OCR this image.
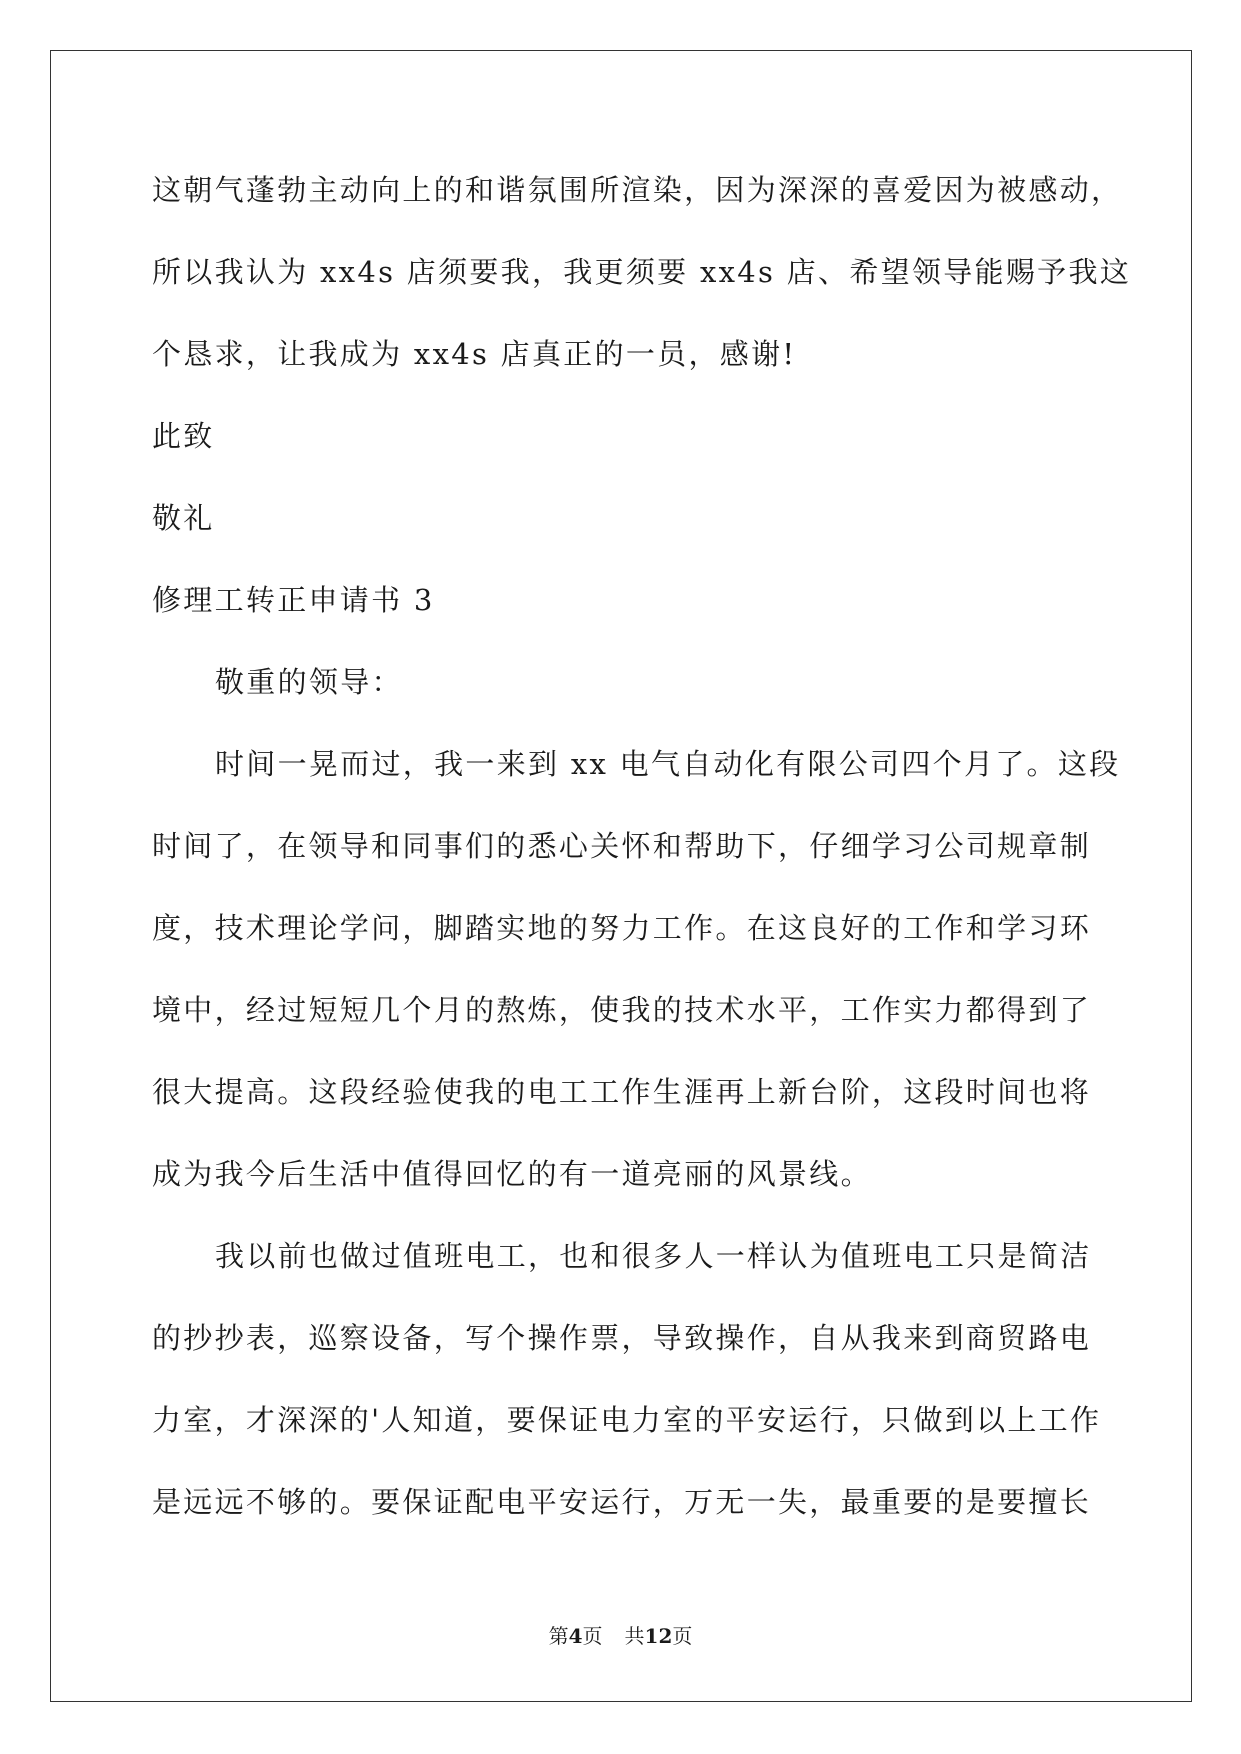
这朝气蓬勃主动向上的和谐氛围所渲染，因为深深的喜爱因为被感动，
所以我认为 xx4s 店须要我，我更须要 xx4s 店、希望领导能赐予我这
个恳求，让我成为 xx4s 店真正的一员，感谢!
此致
敬礼
修理工转正申请书 3
敬重的领导：
时间一晃而过，我一来到 xx 电气自动化有限公司四个月了。这段
时间了，在领导和同事们的悉心关怀和帮助下，仔细学习公司规章制
度，技术理论学问，脚踏实地的努力工作。在这良好的工作和学习环
境中，经过短短几个月的熬炼，使我的技术水平，工作实力都得到了
很大提高。这段经验使我的电工工作生涯再上新台阶，这段时间也将
成为我今后生活中值得回忆的有一道亮丽的风景线。
我以前也做过值班电工，也和很多人一样认为值班电工只是简洁
的抄抄表，巡察设备，写个操作票，导致操作，自从我来到商贸路电
力室，才深深的'人知道，要保证电力室的平安运行，只做到以上工作
是远远不够的。要保证配电平安运行，万无一失，最重要的是要擅长
第4页 共12页
